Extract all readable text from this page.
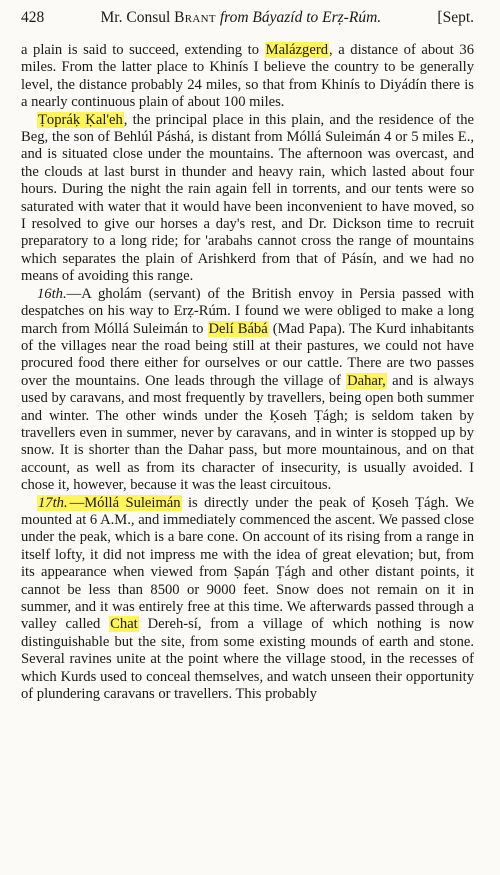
428	Mr. Consul Brant from Báyazíd to Erẓ-Rúm.	[Sept.

a plain is said to succeed, extending to Malázgerd, a distance of about 36 miles. From the latter place to Khinís I believe the country to be generally level, the distance probably 24 miles, so that from Khinís to Diyádín there is a nearly continuous plain of about 100 miles.

Ṭopráḳ Ḳal'eh, the principal place in this plain, and the residence of the Beg, the son of Behlúl Páshá, is distant from Móllá Suleimán 4 or 5 miles E., and is situated close under the mountains. The afternoon was overcast, and the clouds at last burst in thunder and heavy rain, which lasted about four hours. During the night the rain again fell in torrents, and our tents were so saturated with water that it would have been inconvenient to have moved, so I resolved to give our horses a day's rest, and Dr. Dickson time to recruit preparatory to a long ride; for 'arabahs cannot cross the range of mountains which separates the plain of Arishkerd from that of Pásín, and we had no means of avoiding this range.

16th.—A gholám (servant) of the British envoy in Persia passed with despatches on his way to Erẓ-Rúm. I found we were obliged to make a long march from Móllá Suleimán to Delí Bábá (Mad Papa). The Kurd inhabitants of the villages near the road being still at their pastures, we could not have procured food there either for ourselves or our cattle. There are two passes over the mountains. One leads through the village of Dahar, and is always used by caravans, and most frequently by travellers, being open both summer and winter. The other winds under the Ḳoseh Ṭágh; is seldom taken by travellers even in summer, never by caravans, and in winter is stopped up by snow. It is shorter than the Dahar pass, but more mountainous, and on that account, as well as from its character of insecurity, is usually avoided. I chose it, however, because it was the least circuitous.

17th. —Móllá Suleimán is directly under the peak of Ḳoseh Ṭágh. We mounted at 6 A.M., and immediately commenced the ascent. We passed close under the peak, which is a bare cone. On account of its rising from a range in itself lofty, it did not impress me with the idea of great elevation; but, from its appearance when viewed from Ṣapán Ṭágh and other distant points, it cannot be less than 8500 or 9000 feet. Snow does not remain on it in summer, and it was entirely free at this time. We afterwards passed through a valley called Chat Dereh-sí, from a village of which nothing is now distinguishable but the site, from some existing mounds of earth and stone. Several ravines unite at the point where the village stood, in the recesses of which Kurds used to conceal themselves, and watch unseen their opportunity of plundering caravans or travellers. This probably
